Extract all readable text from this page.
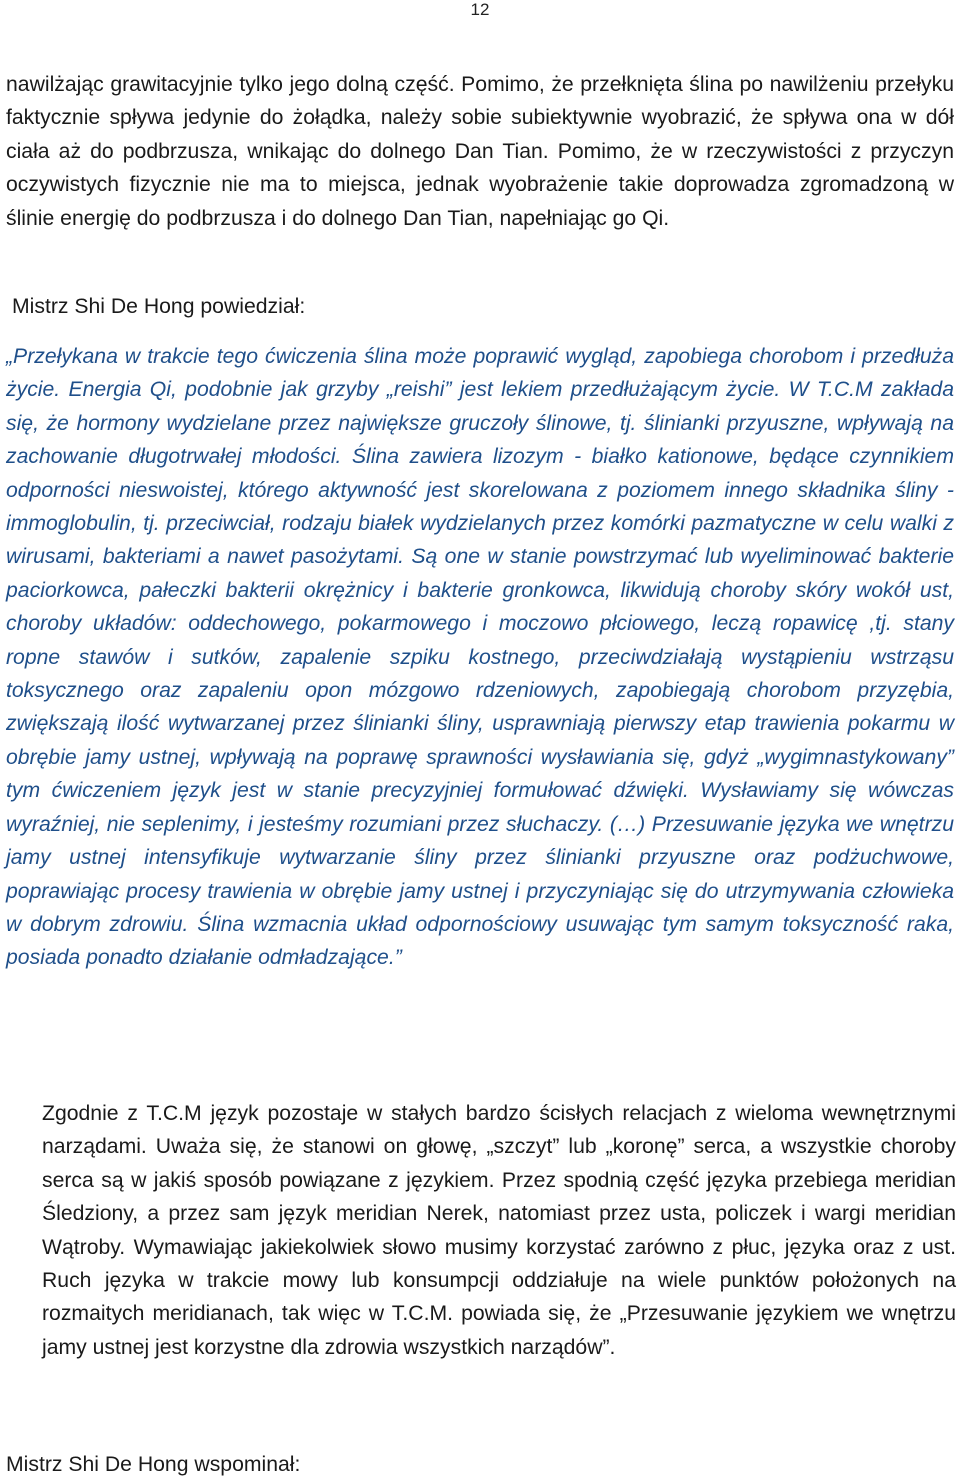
12

nawilżając grawitacyjnie tylko jego dolną część. Pomimo, że przełknięta ślina po nawilżeniu przełyku faktycznie spływa jedynie do żołądka, należy sobie subiektywnie wyobrazić, że spływa ona w dół ciała aż do podbrzusza, wnikając do dolnego Dan Tian. Pomimo, że w rzeczywistości z przyczyn oczywistych fizycznie nie ma to miejsca, jednak wyobrażenie takie doprowadza zgromadzoną w ślinie energię do podbrzusza i do dolnego Dan Tian, napełniając go Qi.

Mistrz Shi De Hong powiedział:

„Przełykana w trakcie tego ćwiczenia ślina może poprawić wygląd, zapobiega chorobom i przedłuża życie. Energia Qi, podobnie jak grzyby „reishi” jest lekiem przedłużającym życie. W T.C.M zakłada się, że hormony wydzielane przez największe gruczoły ślinowe, tj. ślinianki przyuszne, wpływają na zachowanie długotrwałej młodości. Ślina zawiera lizozym - białko kationowe, będące czynnikiem odporności nieswoistej, którego aktywność jest skorelowana z poziomem innego składnika śliny - immoglobulin, tj. przeciwciał, rodzaju białek wydzielanych przez komórki pazmatyczne w celu walki z wirusami, bakteriami a nawet pasożytami. Są one w stanie powstrzymać lub wyeliminować bakterie paciorkowca, pałeczki bakterii okrężnicy i bakterie gronkowca, likwidują choroby skóry wokół ust, choroby układów: oddechowego, pokarmowego i moczowo płciowego, leczą ropawicę ,tj. stany ropne stawów i sutków, zapalenie szpiku kostnego, przeciwdziałają wystąpieniu wstrząsu toksycznego oraz zapaleniu opon mózgowo rdzeniowych, zapobiegają chorobom przyzębia, zwiększają ilość wytwarzanej przez ślinianki śliny, usprawniają pierwszy etap trawienia pokarmu w obrębie jamy ustnej, wpływają na poprawę sprawności wysławiania się, gdyż „wygimnastykowany” tym ćwiczeniem język jest w stanie precyzyjniej formułować dźwięki. Wysławiamy się wówczas wyraźniej, nie seplenimy, i jesteśmy rozumiani przez słuchaczy. (…) Przesuwanie języka we wnętrzu jamy ustnej intensyfikuje wytwarzanie śliny przez ślinianki przyuszne oraz podżuchwowe, poprawiając procesy trawienia w obrębie jamy ustnej i przyczyniając się do utrzymywania człowieka w dobrym zdrowiu. Ślina wzmacnia układ odpornościowy usuwając tym samym toksyczność raka, posiada ponadto działanie odmładzające.”

Zgodnie z T.C.M język pozostaje w stałych bardzo ścisłych relacjach z wieloma wewnętrznymi narządami. Uważa się, że stanowi on głowę, „szczyt” lub „koronę” serca, a wszystkie choroby serca są w jakiś sposób powiązane z językiem. Przez spodnią część języka przebiega meridian Śledziony, a przez sam język meridian Nerek, natomiast przez usta, policzek i wargi meridian Wątroby. Wymawiając jakiekolwiek słowo musimy korzystać zarówno z płuc, języka oraz z ust. Ruch języka w trakcie mowy lub konsumpcji oddziałuje na wiele punktów położonych na rozmaitych meridianach, tak więc w T.C.M. powiada się, że „Przesuwanie językiem we wnętrzu jamy ustnej jest korzystne dla zdrowia wszystkich narządów”.

Mistrz Shi De Hong wspominał:
